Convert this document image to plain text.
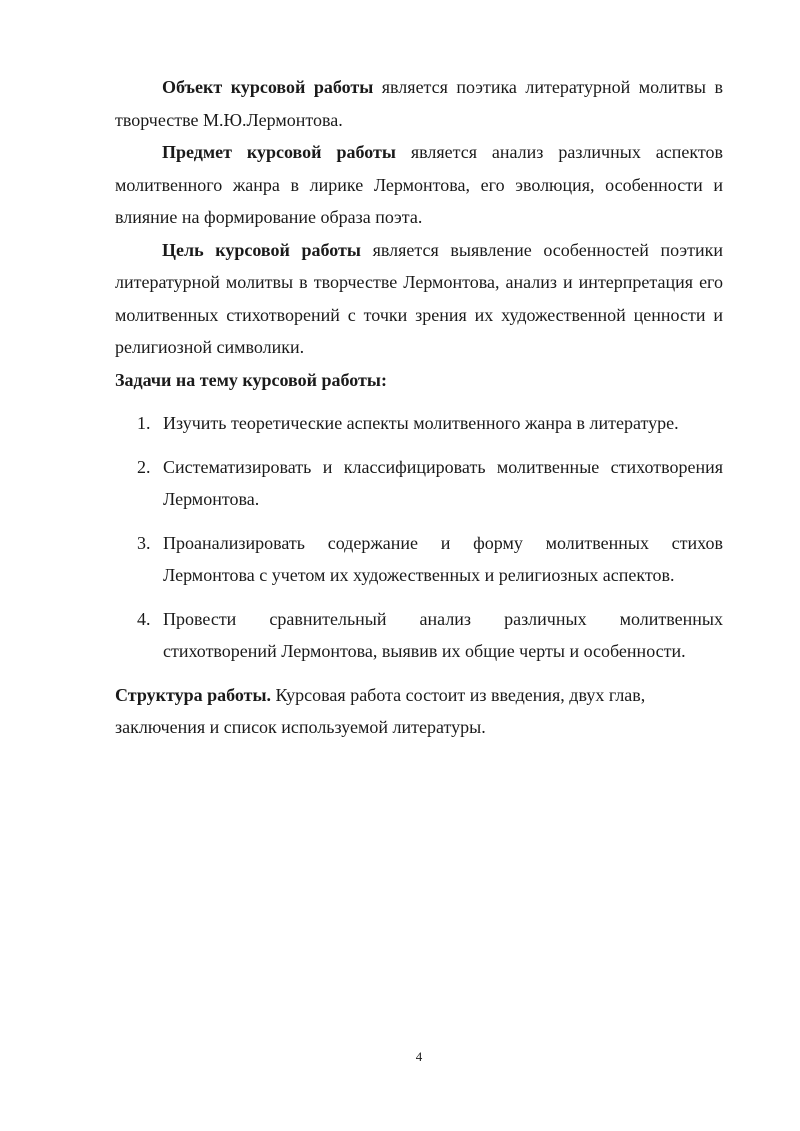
Объект курсовой работы является поэтика литературной молитвы в творчестве М.Ю.Лермонтова.

Предмет курсовой работы является анализ различных аспектов молитвенного жанра в лирике Лермонтова, его эволюция, особенности и влияние на формирование образа поэта.

Цель курсовой работы является выявление особенностей поэтики литературной молитвы в творчестве Лермонтова, анализ и интерпретация его молитвенных стихотворений с точки зрения их художественной ценности и религиозной символики.

Задачи на тему курсовой работы:

1. Изучить теоретические аспекты молитвенного жанра в литературе.
2. Систематизировать и классифицировать молитвенные стихотворения Лермонтова.
3. Проанализировать содержание и форму молитвенных стихов Лермонтова с учетом их художественных и религиозных аспектов.
4. Провести сравнительный анализ различных молитвенных стихотворений Лермонтова, выявив их общие черты и особенности.

Структура работы. Курсовая работа состоит из введения, двух глав,
заключения и список используемой литературы.

4
